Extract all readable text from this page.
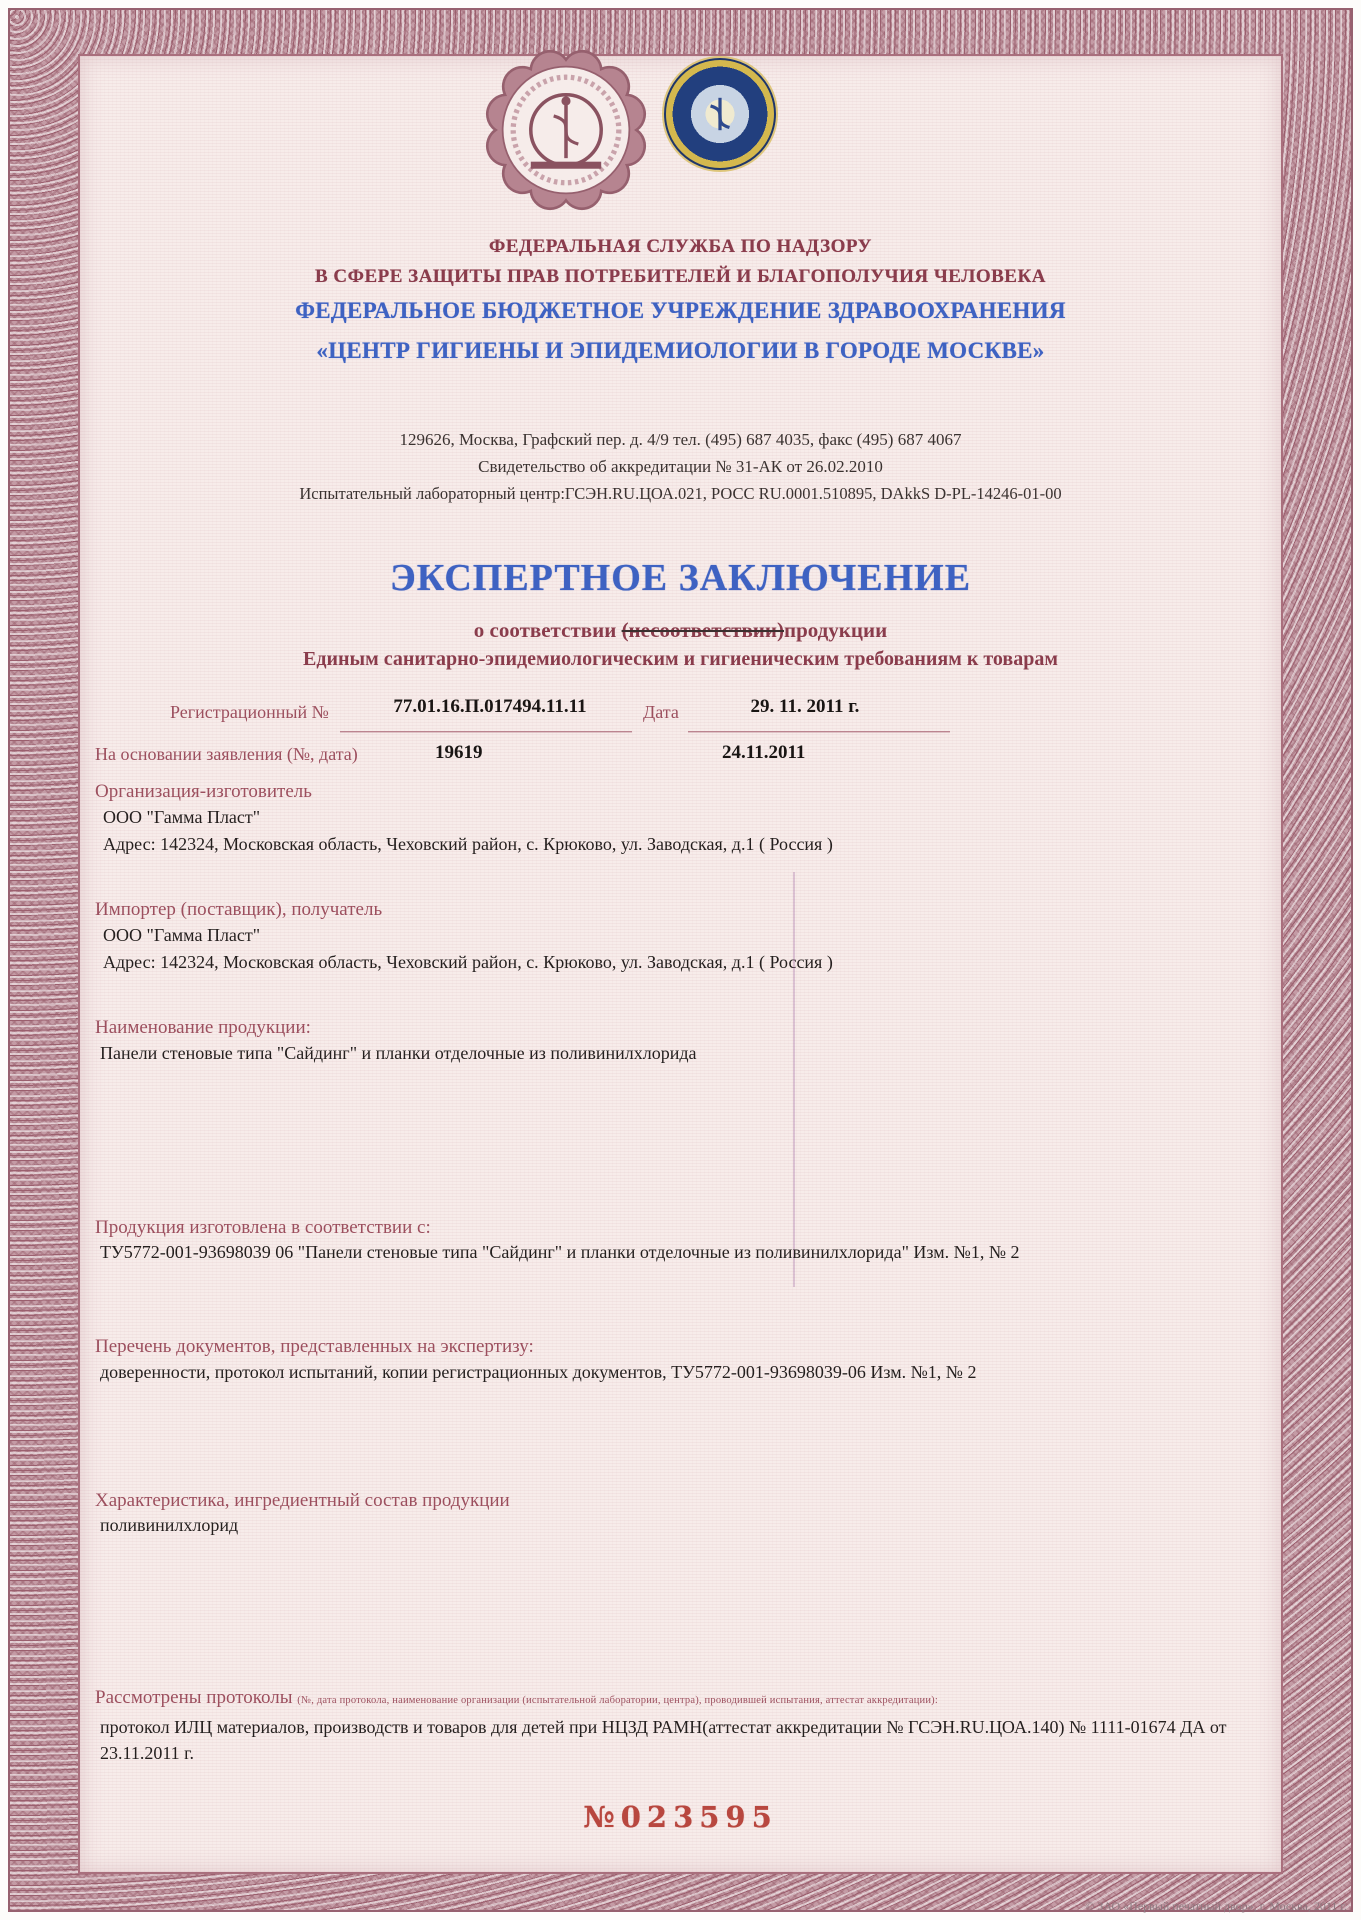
ФЕДЕРАЛЬНАЯ СЛУЖБА ПО НАДЗОРУ
В СФЕРЕ ЗАЩИТЫ ПРАВ ПОТРЕБИТЕЛЕЙ И БЛАГОПОЛУЧИЯ ЧЕЛОВЕКА
ФЕДЕРАЛЬНОЕ БЮДЖЕТНОЕ УЧРЕЖДЕНИЕ ЗДРАВООХРАНЕНИЯ
«ЦЕНТР ГИГИЕНЫ И ЭПИДЕМИОЛОГИИ В ГОРОДЕ МОСКВЕ»
129626, Москва, Графский пер. д. 4/9 тел. (495) 687 4035, факс (495) 687 4067
Свидетельство об аккредитации № 31-АК от 26.02.2010
Испытательный лабораторный центр:ГСЭН.RU.ЦОА.021, РОСС RU.0001.510895, DAkkS D-PL-14246-01-00
ЭКСПЕРТНОЕ ЗАКЛЮЧЕНИЕ
о соответствии (несоответствии)продукции
Единым санитарно-эпидемиологическим и гигиеническим требованиям к товарам
Регистрационный №	77.01.16.П.017494.11.11	Дата	29. 11. 2011 г.
На основании заявления (№, дата)	19619	24.11.2011
Организация-изготовитель
ООО "Гамма Пласт"
Адрес: 142324, Московская область, Чеховский район, с. Крюково, ул. Заводская, д.1 ( Россия )
Импортер (поставщик), получатель
ООО "Гамма Пласт"
Адрес: 142324, Московская область, Чеховский район, с. Крюково, ул. Заводская, д.1 ( Россия )
Наименование продукции:
Панели стеновые типа "Сайдинг" и планки отделочные из поливинилхлорида
Продукция изготовлена в соответствии с:
ТУ5772-001-93698039 06 "Панели стеновые типа "Сайдинг" и планки отделочные из поливинилхлорида" Изм. №1, № 2
Перечень документов, представленных на экспертизу:
доверенности, протокол испытаний, копии регистрационных документов, ТУ5772-001-93698039-06 Изм. №1, № 2
Характеристика, ингредиентный состав продукции
поливинилхлорид
Рассмотрены протоколы (№, дата протокола, наименование организации (испытательной лаборатории, центра), проводившей испытания, аттестат аккредитации):
протокол ИЛЦ материалов, производств и товаров для детей при НЦЗД РАМН(аттестат аккредитации № ГСЭН.RU.ЦОА.140) № 1111-01674 ДА от 23.11.2011 г.
№023595
© ЗАО «Первый печатный двор», г. Москва, 2011 г.
